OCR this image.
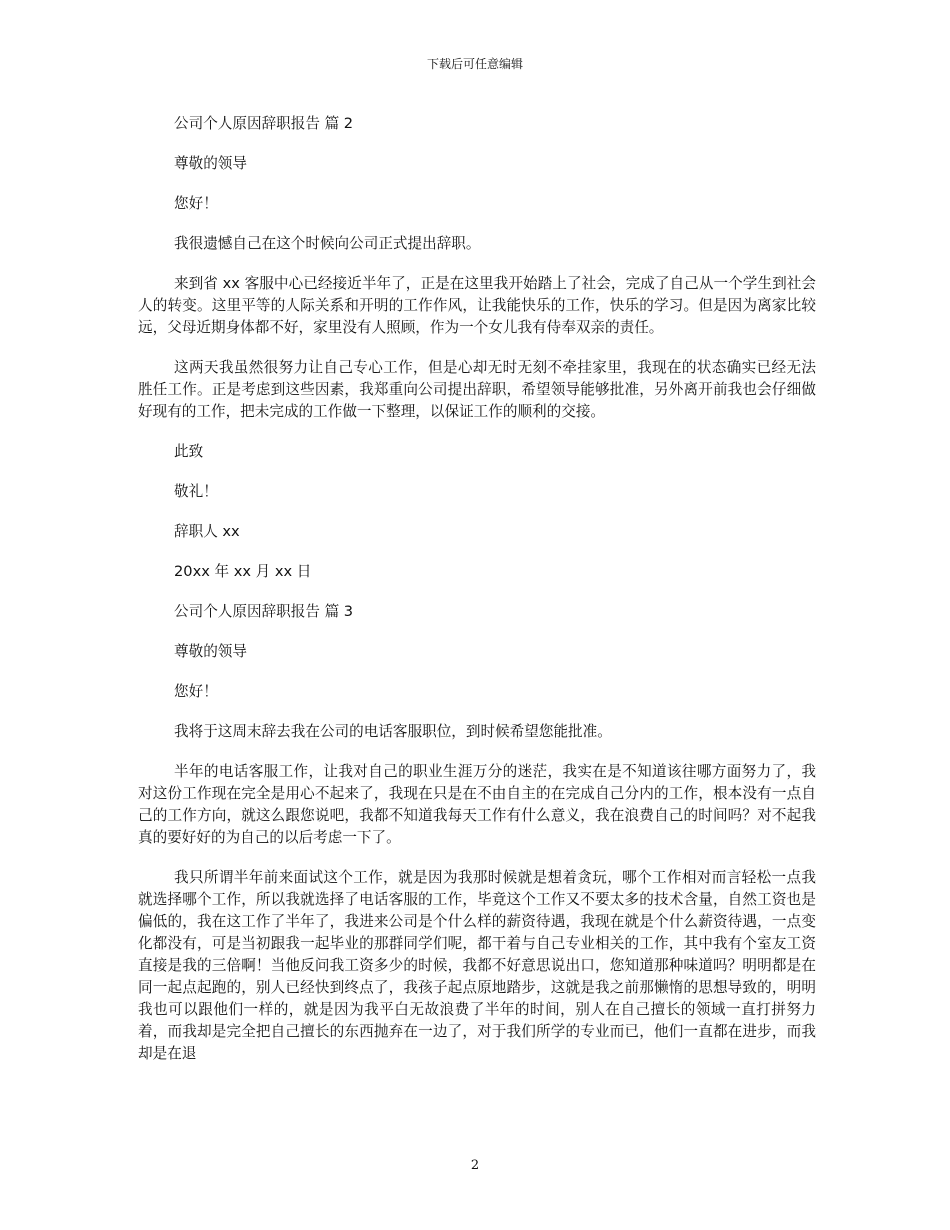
下载后可任意编辑

公司个人原因辞职报告 篇 2

尊敬的领导

您好！

我很遗憾自己在这个时候向公司正式提出辞职。

来到省 xx 客服中心已经接近半年了，正是在这里我开始踏上了社会，完成了自己从一个学生到社会人的转变。这里平等的人际关系和开明的工作作风，让我能快乐的工作，快乐的学习。但是因为离家比较远，父母近期身体都不好，家里没有人照顾，作为一个女儿我有侍奉双亲的责任。

这两天我虽然很努力让自己专心工作，但是心却无时无刻不牵挂家里，我现在的状态确实已经无法胜任工作。正是考虑到这些因素，我郑重向公司提出辞职，希望领导能够批准，另外离开前我也会仔细做好现有的工作，把未完成的工作做一下整理，以保证工作的顺利的交接。

此致

敬礼！

辞职人 xx

20xx 年 xx 月 xx 日

公司个人原因辞职报告 篇 3

尊敬的领导

您好！

我将于这周末辞去我在公司的电话客服职位，到时候希望您能批准。

半年的电话客服工作，让我对自己的职业生涯万分的迷茫，我实在是不知道该往哪方面努力了，我对这份工作现在完全是用心不起来了，我现在只是在不由自主的在完成自己分内的工作，根本没有一点自己的工作方向，就这么跟您说吧，我都不知道我每天工作有什么意义，我在浪费自己的时间吗？对不起我真的要好好的为自己的以后考虑一下了。

我只所谓半年前来面试这个工作，就是因为我那时候就是想着贪玩，哪个工作相对而言轻松一点我就选择哪个工作，所以我就选择了电话客服的工作，毕竟这个工作又不要太多的技术含量，自然工资也是偏低的，我在这工作了半年了，我进来公司是个什么样的薪资待遇，我现在就是个什么薪资待遇，一点变化都没有，可是当初跟我一起毕业的那群同学们呢，都干着与自己专业相关的工作，其中我有个室友工资直接是我的三倍啊！当他反问我工资多少的时候，我都不好意思说出口，您知道那种味道吗？明明都是在同一起点起跑的，别人已经快到终点了，我孩子起点原地踏步，这就是我之前那懒惰的思想导致的，明明我也可以跟他们一样的，就是因为我平白无故浪费了半年的时间，别人在自己擅长的领域一直打拼努力着，而我却是完全把自己擅长的东西抛弃在一边了，对于我们所学的专业而已，他们一直都在进步，而我却是在退

2
